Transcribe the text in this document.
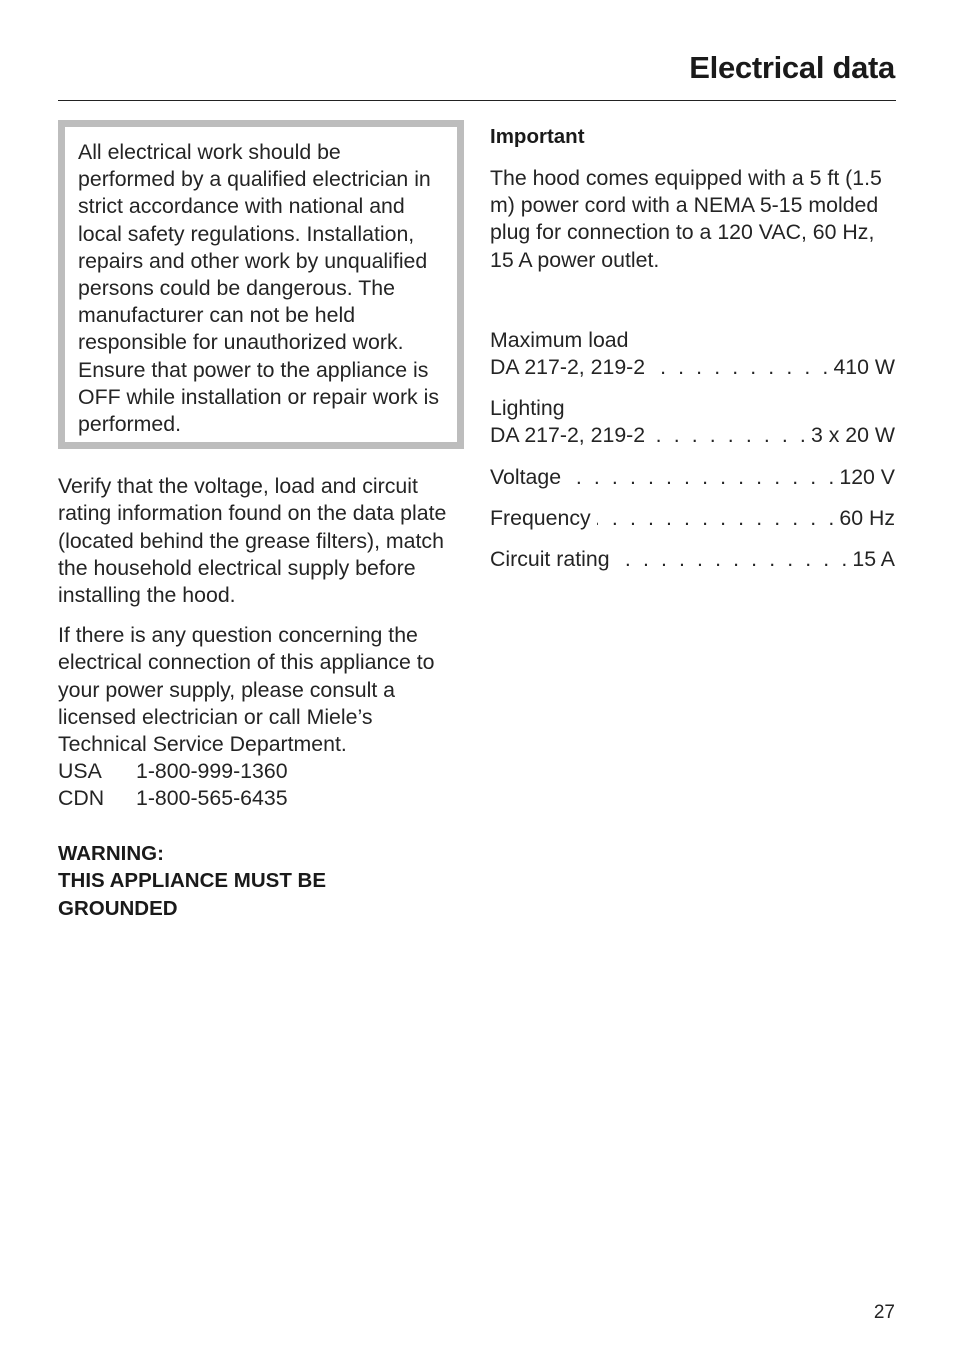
Electrical data

All electrical work should be performed by a qualified electrician in strict accordance with national and local safety regulations. Installation, repairs and other work by unqualified persons could be dangerous. The manufacturer can not be held responsible for unauthorized work.

Ensure that power to the appliance is OFF while installation or repair work is performed.

Verify that the voltage, load and circuit rating information found on the data plate (located behind the grease filters), match the household electrical supply before installing the hood.

If there is any question concerning the electrical connection of this appliance to your power supply, please consult a licensed electrician or call Miele’s Technical Service Department.

USA	1-800-999-1360
CDN	1-800-565-6435
WARNING:
THIS APPLIANCE MUST BE
GROUNDED

Important

The hood comes equipped with a 5 ft (1.5 m) power cord with a NEMA 5-15 molded plug for connection to a 120 VAC, 60 Hz, 15 A power outlet.

Maximum load
DA 217-2, 219-2 . . .	410 W
Lighting
DA 217-2, 219-2 . . .	3 x 20 W
Voltage . . .	120 V
Frequency . . .	60 Hz
Circuit rating . . .	15 A
27
